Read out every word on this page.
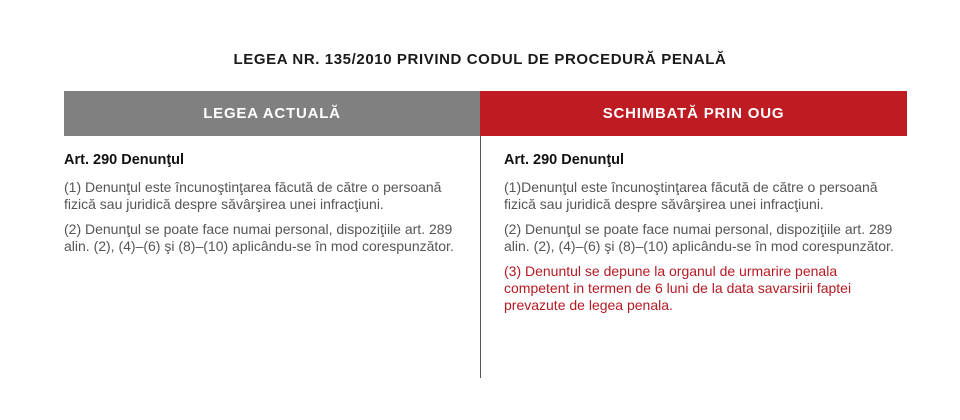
LEGEA NR. 135/2010 PRIVIND CODUL DE PROCEDURĂ PENALĂ
LEGEA ACTUALĂ	SCHIMBATĂ PRIN OUG

Art. 290 Denunţul

(1) Denunţul este încunoştinţarea făcută de către o persoană fizică sau juridică despre săvârşirea unei infracţiuni.

(2) Denunţul se poate face numai personal, dispoziţiile art. 289 alin. (2), (4)–(6) şi (8)–(10) aplicându-se în mod corespunzător.

Art. 290 Denunţul

(1)Denunţul este încunoştinţarea făcută de către o persoană fizică sau juridică despre săvârşirea unei infracţiuni.

(2) Denunţul se poate face numai personal, dispoziţiile art. 289 alin. (2), (4)–(6) şi (8)–(10) aplicându-se în mod corespunzător.

(3) Denuntul se depune la organul de urmarire penala competent in termen de 6 luni de la data savarsirii faptei prevazute de legea penala.
